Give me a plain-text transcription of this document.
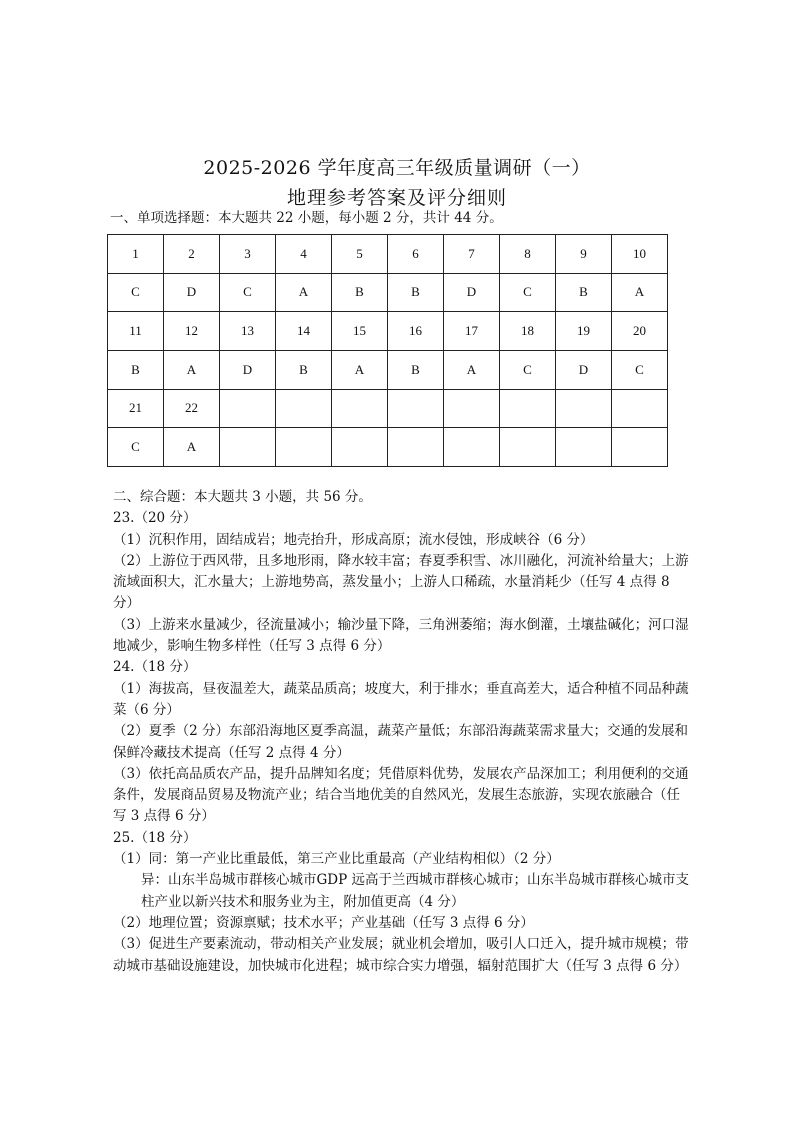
2025-2026 学年度高三年级质量调研（一）
地理参考答案及评分细则
一、单项选择题：本大题共 22 小题，每小题 2 分，共计 44 分。
1	2	3	4	5	6	7	8	9	10
C	D	C	A	B	B	D	C	B	A
11	12	13	14	15	16	17	18	19	20
B	A	D	B	A	B	A	C	D	C
21	22								
C	A								

二、综合题：本大题共 3 小题，共 56 分。

23.（20 分）

（1）沉积作用，固结成岩；地壳抬升，形成高原；流水侵蚀，形成峡谷（6 分）

（2）上游位于西风带，且多地形雨，降水较丰富；春夏季积雪、冰川融化，河流补给量大；上游流域面积大，汇水量大；上游地势高，蒸发量小；上游人口稀疏，水量消耗少（任写 4 点得 8 分）

（3）上游来水量减少，径流量减小；输沙量下降，三角洲萎缩；海水倒灌，土壤盐碱化；河口湿地减少，影响生物多样性（任写 3 点得 6 分）

24.（18 分）

（1）海拔高，昼夜温差大，蔬菜品质高；坡度大，利于排水；垂直高差大，适合种植不同品种蔬菜（6 分）

（2）夏季（2 分）东部沿海地区夏季高温，蔬菜产量低；东部沿海蔬菜需求量大；交通的发展和保鲜冷藏技术提高（任写 2 点得 4 分）

（3）依托高品质农产品，提升品牌知名度；凭借原料优势，发展农产品深加工；利用便利的交通条件，发展商品贸易及物流产业；结合当地优美的自然风光，发展生态旅游，实现农旅融合（任写 3 点得 6 分）

25.（18 分）

（1）同：第一产业比重最低，第三产业比重最高（产业结构相似）（2 分）

异：山东半岛城市群核心城市GDP 远高于兰西城市群核心城市；山东半岛城市群核心城市支柱产业以新兴技术和服务业为主，附加值更高（4 分）

（2）地理位置；资源禀赋；技术水平；产业基础（任写 3 点得 6 分）

（3）促进生产要素流动，带动相关产业发展；就业机会增加，吸引人口迁入，提升城市规模；带动城市基础设施建设，加快城市化进程；城市综合实力增强，辐射范围扩大（任写 3 点得 6 分）
